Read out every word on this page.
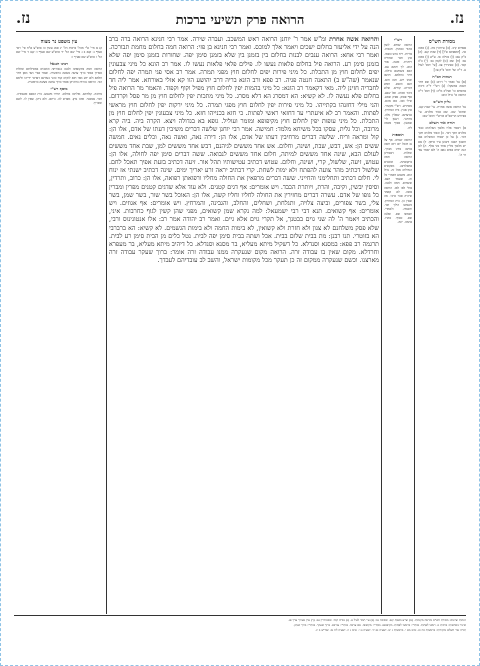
נז.
הרואה פרק תשיעי ברכות
נז.
מסורת הש"ס

פסחים קיב. (ב) עירובין מה. (ג) סוכה כה. [תוספתא פ"ו] (ד) שבת קנב. (ה) ב"ק עא: (ו) מגילה טו. ע"ש (ז) סוכה נא: (ח) שם (ט) לקמן נט: (י) ב"ב קכד. (כ) סנהדרין צב. [עי' תוס' לעיל נג. ד"ה ועי' תוס' ב"ק צז:]

הגהות הב"ח

(א) גמ' ואמר ר' זירא: (ב) שם דחזי חנטה במשקל: (ג) רש"י ד"ה ורכיב אחמרא כו' ואח"כ מ"ה: (ד) תוס' ד"ה הרואה כו' גדול הוא:

גליון הש"ס

גמ' הרואה אשה אחרת. עי' שבת קנב. ובתוס' שם. שם כבוד מלכים. עי' בפירוש הריטב"א וברש"י ותוס' שם:

תורה אור השלם

א) ויאמר אליו מלאך האלהים כבוד מלכים חקר דבר. ב) וכבוד מלכים חקר דבר. ג) על כן יאמרו המשלים באו חשבון תבנה ותכונן עיר סיחון. ד) אם יש מלאך מליץ אחד מני אלף. ה) לכן הנה ימים באים נאם ה' ולא יאמר עוד חי ה'.

רש"י

הרואה שמים. לשון טהור כטהרן. חנטות. פירות. ריח נחש כשמו. כהן חבר ואחריה ריחנית. אשה. אחי הוא. לך ותהא עם. הכא בשמשא גדולה. דחזי בחלמא. חושב ואינו ידע. חנה חזא. חנא והפש. חמש דברים. קוריא. שלש כיבד ומנים. ואל שבצ. סוף פסוק. ספיק שמע. שילי וטב. טוב מהם. מסתייע. רש"י מקשיר. כהן אבין. בית המרחץ. כביצתא. שאלין גולה. מחתני. ויענון לר' שמעון. כסוף מכמה ליה.

תוספות

הרואה שמים. אף על גב דבכל יום ויום רואה אותם מיהו מברך. ומזלות. דאמרינן הרואה חמה בתקופתה. וכוכבים במסלותם. מבקשים הגדולים מכל זה. גדול הוא. משמע דאמרי כל זה. שעמד ויצא. ששמים. חמה ולבנה. אולי לאו לאו. הרואה אשה. לא קאמר שיהיה סבר כרבי. מה שאין כן. בית המרחץ. כשמשו הילך חבי. וחנטות. ולאחרי. ושמשו שם. ופלגה שם. כסוף. טהרו. בהמה. יונה.

והרואה אשה אחרת ומ"ש אמר ר' יוחנן הרואה ראש המשכב. ועברה שירה. אמר רבי חנינא הרואה ברה ברב הנה על ידי אליעזר בחלום ישכים ויאמר אלך למוכס. ואמר רבי חנינא בן פזי: הרואה חמה בחלום מחמת תבורכה. ואמר רבי אחא: הרואה ענבים לבנות בחלום בין בזמנן בין שלא בזמנן סימן יפה. שחורות בזמנן סימן יפה שלא בזמנן סימן רע. הרואה פיל בחלום פלאות נעשו לו. פילים פלאי פלאות נעשו לו. אמר רב הונא כל מיני צבעונין יפים לחלום חוץ מן התכלת. כל מיני פירות יפים לחלום חוץ מפגי תמרה. אמר רב אסי פגי תמרה יפה לחלום שנאמר (שה"ש ב) התאנה חנטה פגיה. רב פפא ורב הונא בריה דרב יהושע הוו קא אזלי באורחא. אמר ליה חד לחבריה חזינן ליה. מאי דקאמר רב הונא: כל מיני בהמות יפין לחלום חוץ מפיל וקוף וקפוד. והאמר מר הרואה פיל בחלום פלא נעשה לו. לא קשיא: הא דמסרג הא דלא מסרג. כל מיני מתכות יפין לחלום חוץ מן מר פסל וקרדום. והני מילי דחזנהו בקתייהו. כל מיני פירות יפין לחלום חוץ מפגי תמרה. כל מיני ירקות יפין לחלום חוץ מראשי לפתות. והאמר רב לא איעתרי עד דחזאי ראשי לפתות. כי חזא בכנייהו חזא. כל מיני צבעונין יפין לחלום חוץ מן התכלת. כל מיני עופות יפין לחלום חוץ מקיפופא ומזמר ועוליל. גופא בא בגדולה ויצא. הקרה ביה. ביה קרא מרובה, וכל גלית, עסקו בכל משיחא מלמד: חמישה. אמר רבי יוחנן שלשה דברים משיבין דעתו של אדם, אלו הן: קול ומראה וריח. שלשה דברים מרחיבין דעתו של אדם, אלו הן: דירה נאה, ואשה נאה, וכלים נאים. חמשה ששים הן: אש, דבש, שבת, ושינה, וחלום. אש אחד מששים לגיהנם, דבש אחד מששים למן, שבת אחד מששים לעולם הבא, שינה אחד מששים למיתה, חלום אחד מששים לנבואה. ששה דברים סימן יפה לחולה, אלו הן: עטוש, זיעה, שלשול, קרי, ושינה, וחלום. עטוש דכתיב עטישותיו תהל אור. זיעה דכתיב בזעת אפיך תאכל לחם. שלשול דכתיב מהר צועה להפתח ולא ימות לשחת. קרי דכתיב יראה זרע יאריך ימים. שינה דכתיב ישנתי אז ינוח לי. חלום דכתיב ותחלימני והחייני. ששה דברים מרפאין את החולה מחליו ורפואתן רפואה, אלו הן: כרוב, ותרדין, וסיסין יבשין, וקיבה, והרת, ויותרת הכבד. ויש אומרים: אף דגים קטנים. ולא עוד אלא שדגים קטנים מפרין ומברין כל גופו של אדם. עשרה דברים מחזירין את החולה לחליו וחליו קשה, אלו הן: האוכל בשר שור, בשר שמן, בשר צלי, בשר צפורים, וביצה צלויה, ותגלחת, ושחלים, והחלב, והגבינה, והמרחץ. ויש אומרים: אף אגוזים. ויש אומרים: אף קשואים. תנא דבי רבי ישמעאל: למה נקרא שמן קשואים, מפני שהן קשין לגוף כחרבות. איני, והכתיב ויאמר ה' לה שני גוים בבטנך, אל תקרי גוים אלא גיים. ואמר רב יהודה אמר רב: אלו אנטונינוס ורבי, שלא פסק משלחנם לא צנון ולא חזרת ולא קשואין, לא בימות החמה ולא בימות הגשמים. לא קשיא: הא ברברבי הא בזוטרי. תנו רבנן: מת בבית שלום בבית. אכל ושתה בבית סימן יפה לבית. נטל כלים מן הבית סימן רע לבית. תרגמה רב פפא: במסנא וסנדלא. כל דשקיל מיתא מעליא, בר מסנא וסנדלא. כל דיהיב מיתא מעליא, בר מעפרא וחרדלא. מקום שאין בו עבודה זרה. הרואה מקום שנעקרה ממנו עבודה זרה אומר: ברוך שעקר עבודה זרה מארצנו. וכשם שנעקרה ממקום זה כן תעקר מכל מקומות ישראל, והשב לב עובדיהם לעבדך.

עין משפט נר מצוה

קנ א מיי' פ"י מהל' ברכות הל' יג סמג עשין כז טוש"ע א"ח סי' רכד סעיף ג: קנא ב ג מיי' שם הל' יד טוש"ע שם סעיף ו: קנב ד מיי' שם הל' ז טוש"ע שם סעיף ז:

רבינו חננאל

הרואה חמה בתקופתה ולבנה בגבורתה וכוכבים במסילותם ומזלות כסדרן אומר ברוך עושה מעשה בראשית. ואמר אביי האי מאן דחזי חלמא ולא ידע מאי חזא לוקים קמי כהני בעידנא דפרסי ידייהו ולימא הכי. הרואה נהרות ברוכיהן אומר ברוך עושה מעשה בראשית.

מוסף רש"י

מרובה. קלחתא. מוליכה בחלום. תרתי משמע. בית הכסא אשמורה. חמי. אמבטי. ואינו נותן. מפרש לה. ביתא. ולא ניתן. שאין לו. לשם ומבריך.

הגהות וציונים: מסורת הש"ס ומראה מקומות. (א) וע"ע בשבת קנב. ובסוכה נא: (ב) עי' תוס' לעיל נג. (ג) בב"ב קכד. ובסנהדרין צב. (ד) עיין בערוך ערך פג.

שינויי נוסחאות: ברכות נז. ראשי לפתות. בכת"י: בראשי לפתות. מקיפופא. בכת"י: מקיפופי. אם ערבה. בכת"י: עורבא. ברוך שעקר. בכת"י: ברוך שנתן.

תורה אור השלם ומקורות: בראשית כה כג. איוב מא י. בראשית ג יט. ישעיה נא יד. ישעיה נג י. איוב ג יג. ישעיה לח טז. שה"ש ב יג.
